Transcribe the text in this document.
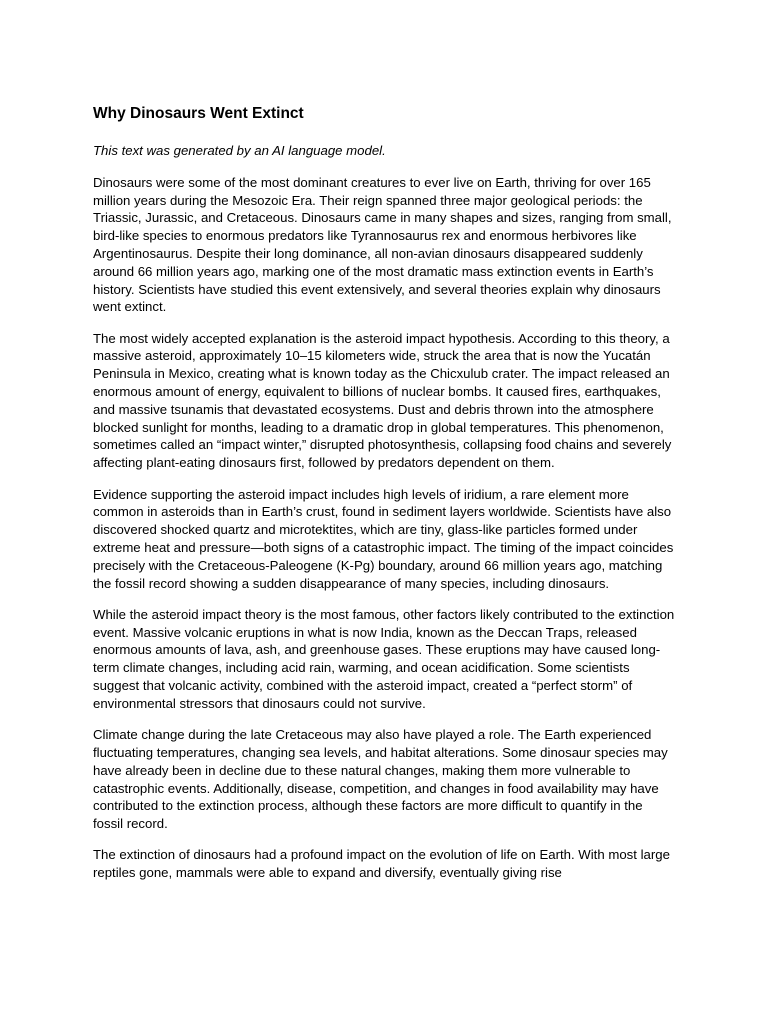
Why Dinosaurs Went Extinct

This text was generated by an AI language model.

Dinosaurs were some of the most dominant creatures to ever live on Earth, thriving for over 165 million years during the Mesozoic Era. Their reign spanned three major geological periods: the Triassic, Jurassic, and Cretaceous. Dinosaurs came in many shapes and sizes, ranging from small, bird-like species to enormous predators like Tyrannosaurus rex and enormous herbivores like Argentinosaurus. Despite their long dominance, all non-avian dinosaurs disappeared suddenly around 66 million years ago, marking one of the most dramatic mass extinction events in Earth’s history. Scientists have studied this event extensively, and several theories explain why dinosaurs went extinct.

The most widely accepted explanation is the asteroid impact hypothesis. According to this theory, a massive asteroid, approximately 10–15 kilometers wide, struck the area that is now the Yucatán Peninsula in Mexico, creating what is known today as the Chicxulub crater. The impact released an enormous amount of energy, equivalent to billions of nuclear bombs. It caused fires, earthquakes, and massive tsunamis that devastated ecosystems. Dust and debris thrown into the atmosphere blocked sunlight for months, leading to a dramatic drop in global temperatures. This phenomenon, sometimes called an “impact winter,” disrupted photosynthesis, collapsing food chains and severely affecting plant-eating dinosaurs first, followed by predators dependent on them.

Evidence supporting the asteroid impact includes high levels of iridium, a rare element more common in asteroids than in Earth’s crust, found in sediment layers worldwide. Scientists have also discovered shocked quartz and microtektites, which are tiny, glass-like particles formed under extreme heat and pressure—both signs of a catastrophic impact. The timing of the impact coincides precisely with the Cretaceous-Paleogene (K-Pg) boundary, around 66 million years ago, matching the fossil record showing a sudden disappearance of many species, including dinosaurs.

While the asteroid impact theory is the most famous, other factors likely contributed to the extinction event. Massive volcanic eruptions in what is now India, known as the Deccan Traps, released enormous amounts of lava, ash, and greenhouse gases. These eruptions may have caused long-term climate changes, including acid rain, warming, and ocean acidification. Some scientists suggest that volcanic activity, combined with the asteroid impact, created a “perfect storm” of environmental stressors that dinosaurs could not survive.

Climate change during the late Cretaceous may also have played a role. The Earth experienced fluctuating temperatures, changing sea levels, and habitat alterations. Some dinosaur species may have already been in decline due to these natural changes, making them more vulnerable to catastrophic events. Additionally, disease, competition, and changes in food availability may have contributed to the extinction process, although these factors are more difficult to quantify in the fossil record.

The extinction of dinosaurs had a profound impact on the evolution of life on Earth. With most large reptiles gone, mammals were able to expand and diversify, eventually giving rise
